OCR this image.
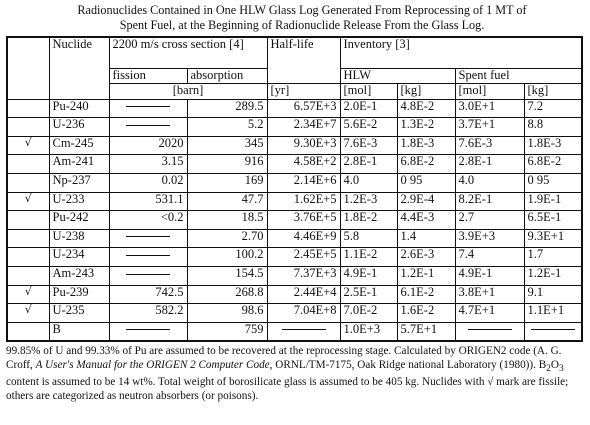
Radionuclides Contained in One HLW Glass Log Generated From Reprocessing of 1 MT of
Spent Fuel, at the Beginning of Radionuclide Release From the Glass Log.
	Nuclide	2200 m/s cross section [4]		Half-life	Inventory [3]			
		fission	absorption		HLW		Spent fuel	
		[barn]		[yr]	[mol]	[kg]	[mol]	[kg]
	Pu-240		289.5	6.57E+3	2.0E-1	4.8E-2	3.0E+1	7.2
	U-236		5.2	2.34E+7	5.6E-2	1.3E-2	3.7E+1	8.8
√	Cm-245	2020	345	9.30E+3	7.6E-3	1.8E-3	7.6E-3	1.8E-3
	Am-241	3.15	916	4.58E+2	2.8E-1	6.8E-2	2.8E-1	6.8E-2
	Np-237	0.02	169	2.14E+6	4.0	0 95	4.0	0 95
√	U-233	531.1	47.7	1.62E+5	1.2E-3	2.9E-4	8.2E-1	1.9E-1
	Pu-242	<0.2	18.5	3.76E+5	1.8E-2	4.4E-3	2.7	6.5E-1
	U-238		2.70	4.46E+9	5.8	1.4	3.9E+3	9.3E+1
	U-234		100.2	2.45E+5	1.1E-2	2.6E-3	7.4	1.7
	Am-243		154.5	7.37E+3	4.9E-1	1.2E-1	4.9E-1	1.2E-1
√	Pu-239	742.5	268.8	2.44E+4	2.5E-1	6.1E-2	3.8E+1	9.1
√	U-235	582.2	98.6	7.04E+8	7.0E-2	1.6E-2	4.7E+1	1.1E+1
	B		759		1.0E+3	5.7E+1		
99.85% of U and 99.33% of Pu are assumed to be recovered at the reprocessing stage. Calculated by ORIGEN2 code (A. G. Croff, A User's Manual for the ORIGEN 2 Computer Code, ORNL/TM-7175, Oak Ridge national Laboratory (1980)). $B_2O_3$ content is assumed to be 14 wt%. Total weight of borosilicate glass is assumed to be 405 kg. Nuclides with √ mark are fissile; others are categorized as neutron absorbers (or poisons).
